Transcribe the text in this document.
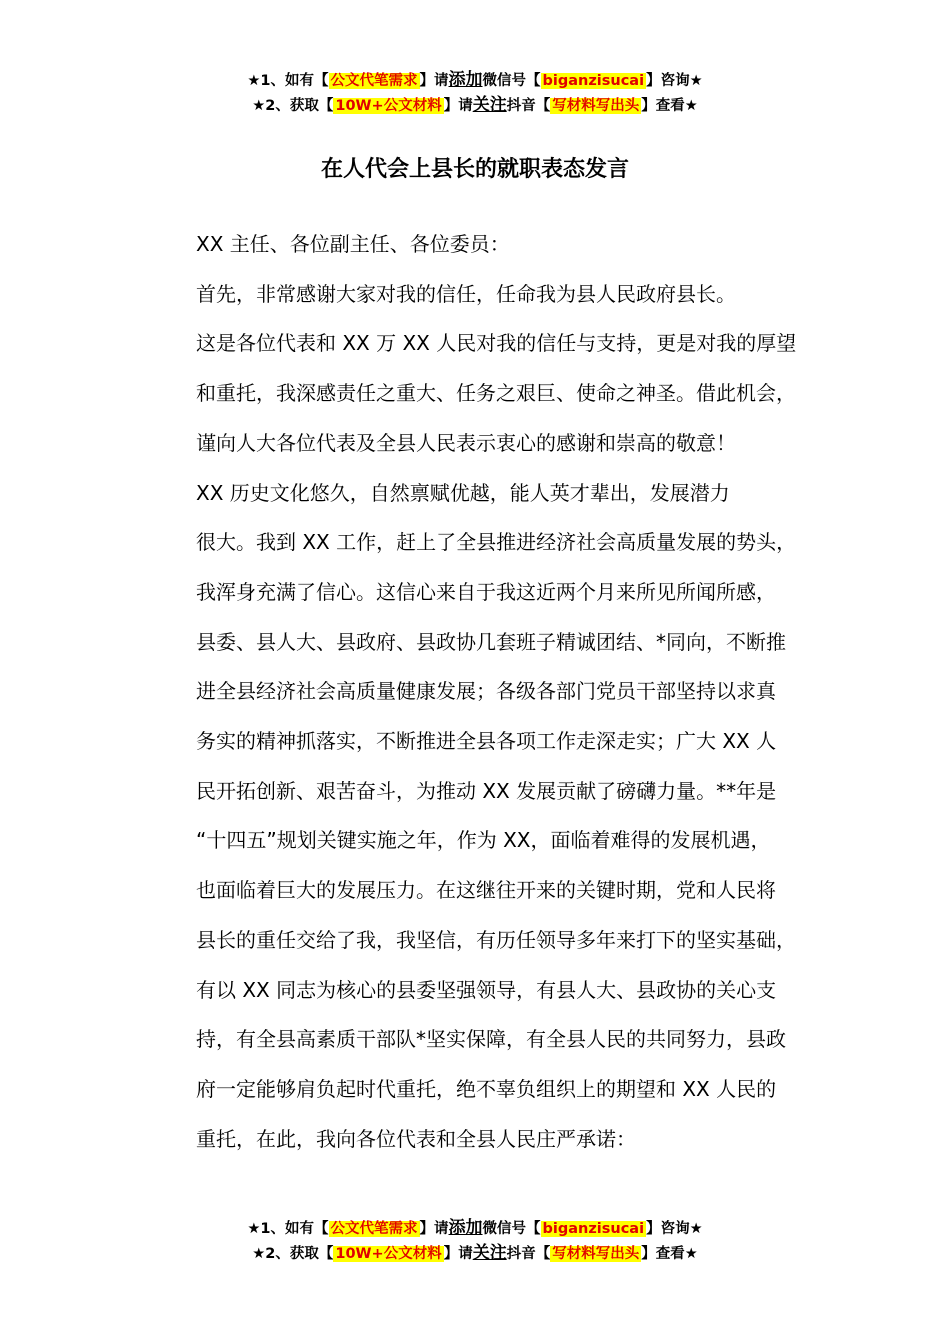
★1、如有【 公文代笔需求 】请添加微信号【 biganzisucai 】咨询★
★2、获取【 10W+公文材料 】请关注抖音【 写材料写出头 】查看★
在人代会上县长的就职表态发言

XX 主任、各位副主任、各位委员：

首先，非常感谢大家对我的信任，任命我为县人民政府县长。
这是各位代表和 XX 万 XX 人民对我的信任与支持，更是对我的厚望
和重托，我深感责任之重大、任务之艰巨、使命之神圣。借此机会，
谨向人大各位代表及全县人民表示衷心的感谢和崇高的敬意！

XX 历史文化悠久，自然禀赋优越，能人英才辈出，发展潜力
很大。我到 XX 工作，赶上了全县推进经济社会高质量发展的势头，
我浑身充满了信心。这信心来自于我这近两个月来所见所闻所感，
县委、县人大、县政府、县政协几套班子精诚团结、*同向，不断推
进全县经济社会高质量健康发展；各级各部门党员干部坚持以求真
务实的精神抓落实，不断推进全县各项工作走深走实；广大 XX 人
民开拓创新、艰苦奋斗，为推动 XX 发展贡献了磅礴力量。**年是
“十四五”规划关键实施之年，作为 XX，面临着难得的发展机遇，
也面临着巨大的发展压力。在这继往开来的关键时期，党和人民将
县长的重任交给了我，我坚信，有历任领导多年来打下的坚实基础，
有以 XX 同志为核心的县委坚强领导，有县人大、县政协的关心支
持，有全县高素质干部队*坚实保障，有全县人民的共同努力，县政
府一定能够肩负起时代重托，绝不辜负组织上的期望和 XX 人民的
重托，在此，我向各位代表和全县人民庄严承诺：

★1、如有【 公文代笔需求 】请添加微信号【 biganzisucai 】咨询★
★2、获取【 10W+公文材料 】请关注抖音【 写材料写出头 】查看★
